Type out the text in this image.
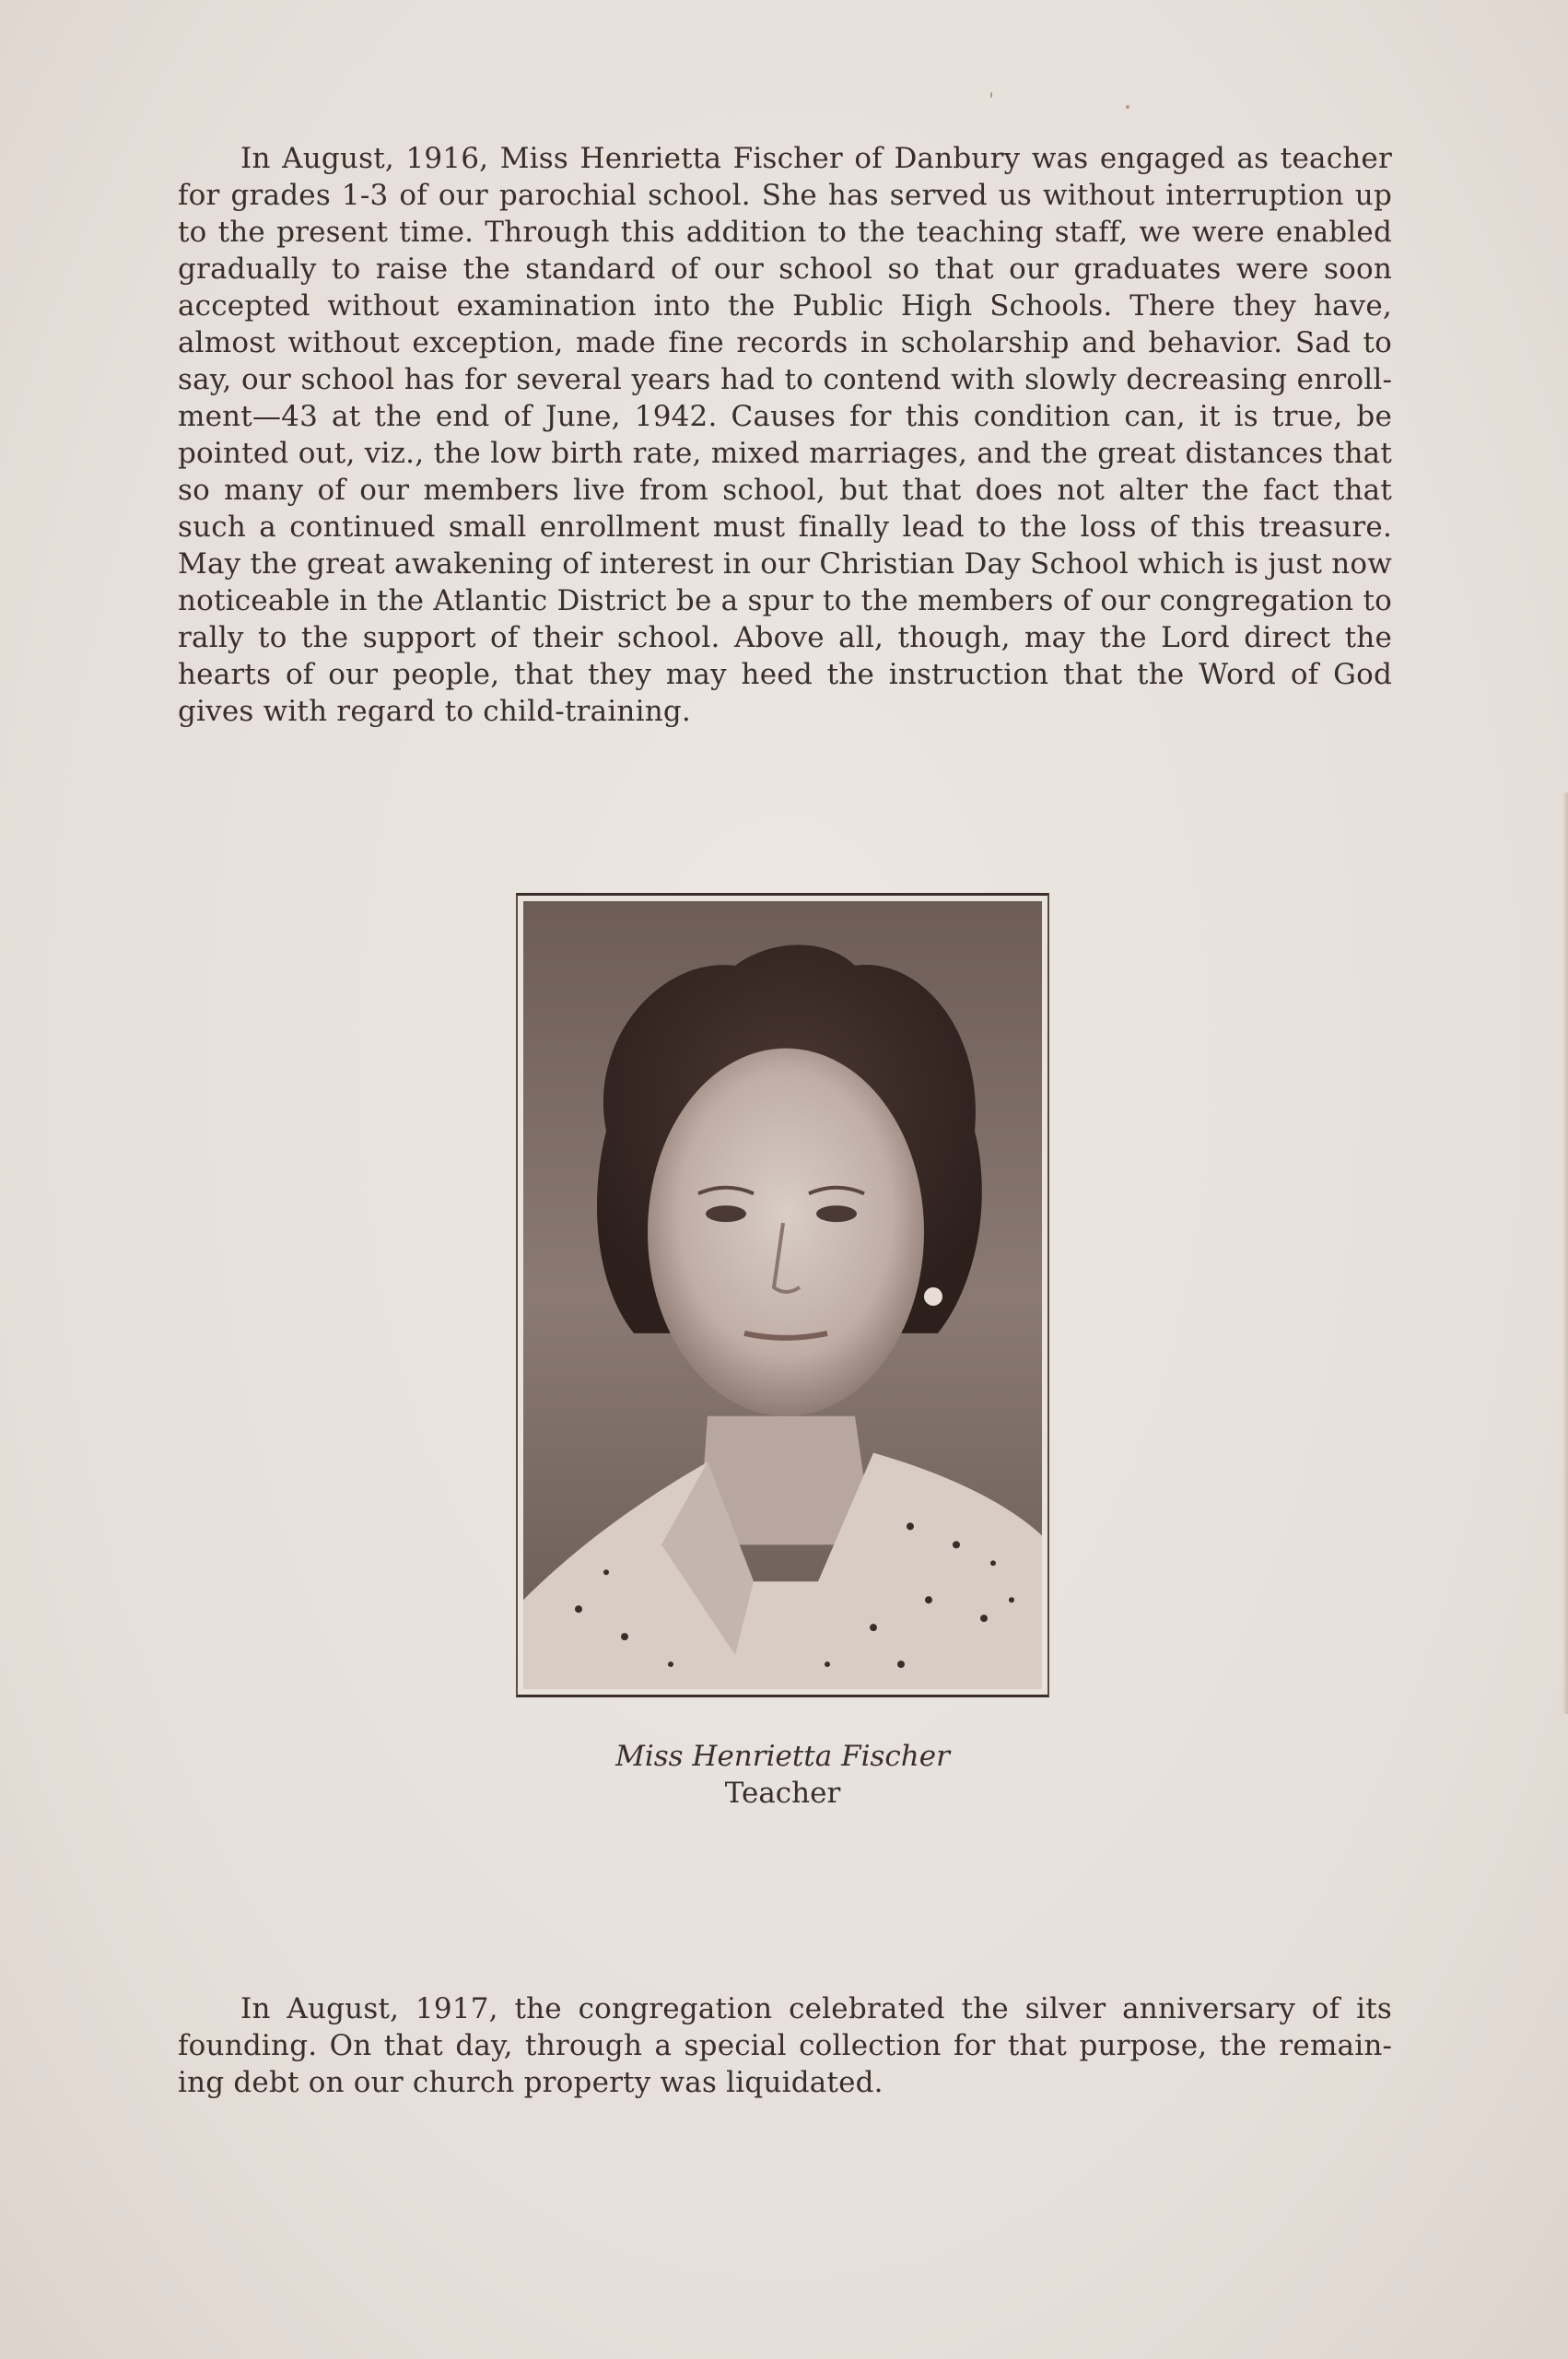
In August, 1916, Miss Henrietta Fischer of Danbury was engaged as teacher for grades 1-3 of our parochial school. She has served us without interruption up to the present time. Through this addition to the teaching staff, we were enabled gradually to raise the standard of our school so that our graduates were soon accepted without examination into the Public High Schools. There they have, almost without exception, made fine records in scholarship and behavior. Sad to say, our school has for several years had to contend with slowly decreasing enrollment—43 at the end of June, 1942. Causes for this condition can, it is true, be pointed out, viz., the low birth rate, mixed marriages, and the great distances that so many of our members live from school, but that does not alter the fact that such a continued small enrollment must finally lead to the loss of this treasure. May the great awakening of interest in our Christian Day School which is just now noticeable in the Atlantic District be a spur to the members of our congregation to rally to the support of their school. Above all, though, may the Lord direct the hearts of our people, that they may heed the instruction that the Word of God gives with regard to child-training.

Miss Henrietta Fischer

Teacher

In August, 1917, the congregation celebrated the silver anniversary of its founding. On that day, through a special collection for that purpose, the remaining debt on our church property was liquidated.
